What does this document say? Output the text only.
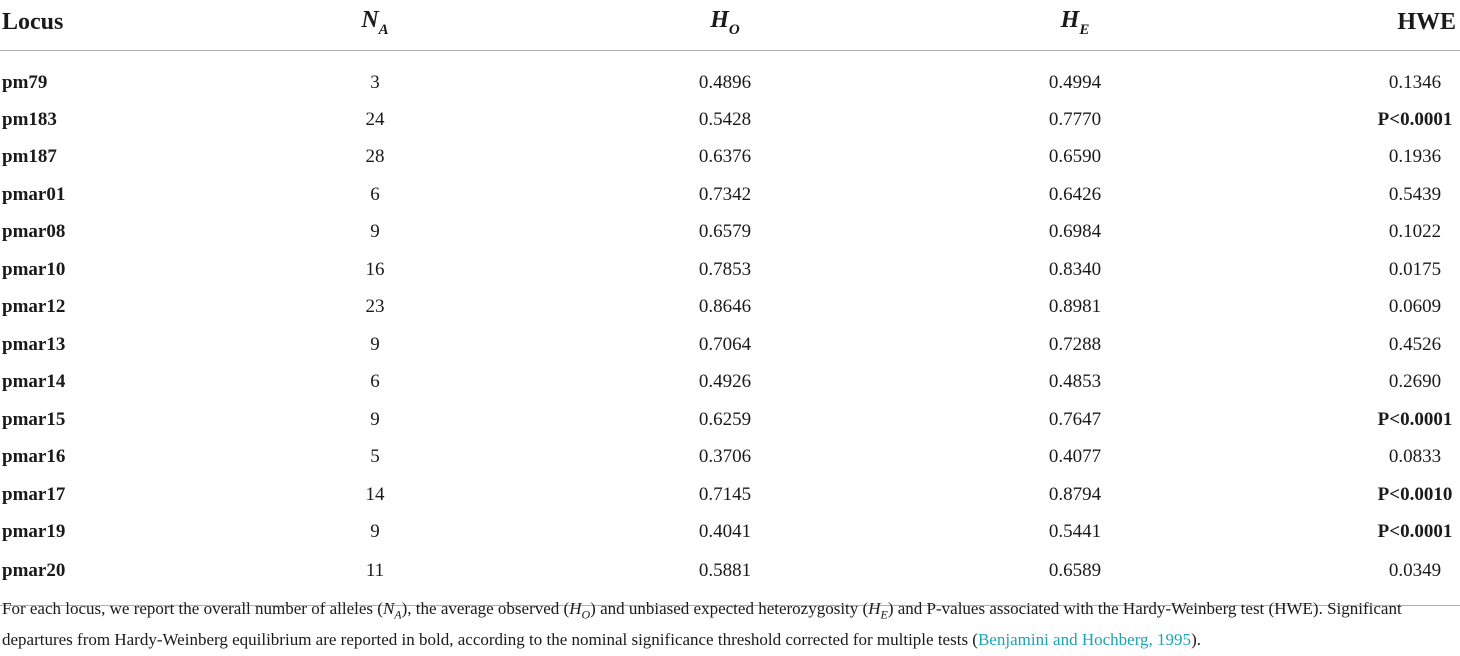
Locus	$N_A$	$H_O$	$H_E$	HWE
pm79	3	0.4896	0.4994	0.1346
pm183	24	0.5428	0.7770	P<0.0001
pm187	28	0.6376	0.6590	0.1936
pmar01	6	0.7342	0.6426	0.5439
pmar08	9	0.6579	0.6984	0.1022
pmar10	16	0.7853	0.8340	0.0175
pmar12	23	0.8646	0.8981	0.0609
pmar13	9	0.7064	0.7288	0.4526
pmar14	6	0.4926	0.4853	0.2690
pmar15	9	0.6259	0.7647	P<0.0001
pmar16	5	0.3706	0.4077	0.0833
pmar17	14	0.7145	0.8794	P<0.0010
pmar19	9	0.4041	0.5441	P<0.0001
pmar20	11	0.5881	0.6589	0.0349
For each locus, we report the overall number of alleles $(N_A)$, the average observed $(H_O)$ and unbiased expected heterozygosity $(H_E)$ and P-values associated with the Hardy-Weinberg test (HWE). Significant departures from Hardy-Weinberg equilibrium are reported in bold, according to the nominal significance threshold corrected for multiple tests (Benjamini and Hochberg, 1995).
